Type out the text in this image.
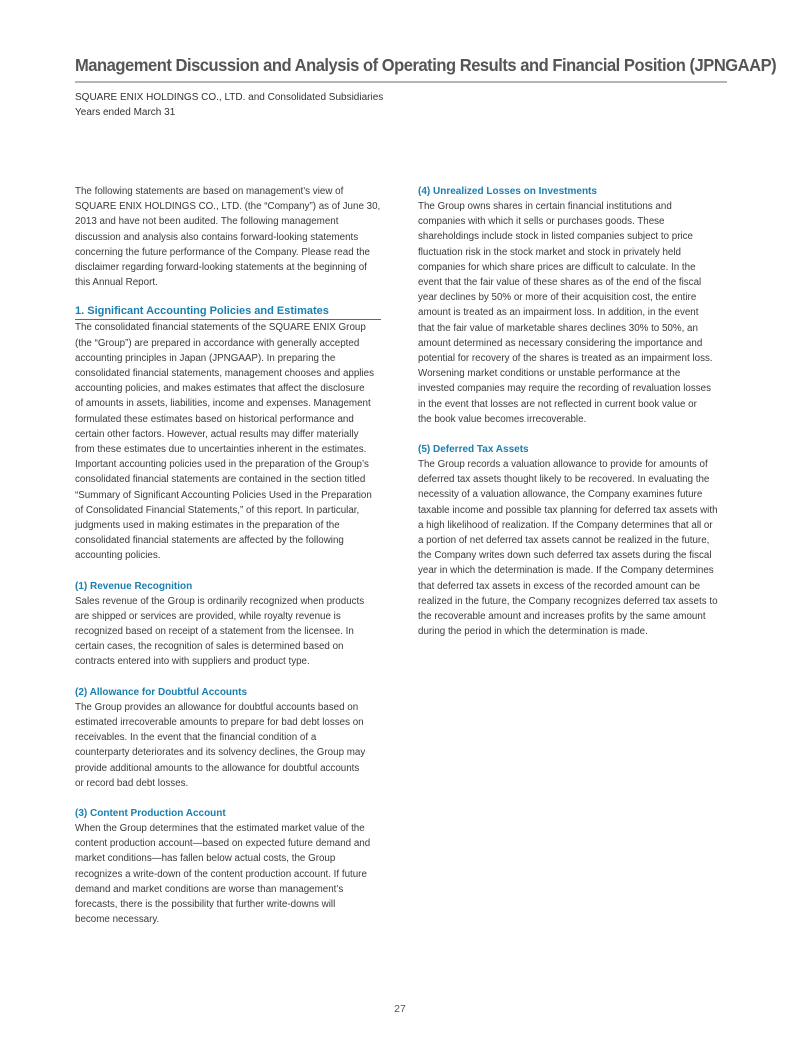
Management Discussion and Analysis of Operating Results and Financial Position (JPNGAAP)
SQUARE ENIX HOLDINGS CO., LTD. and Consolidated Subsidiaries
Years ended March 31

The following statements are based on management’s view of
SQUARE ENIX HOLDINGS CO., LTD. (the “Company”) as of June 30,
2013 and have not been audited. The following management
discussion and analysis also contains forward-looking statements
concerning the future performance of the Company. Please read the
disclaimer regarding forward-looking statements at the beginning of
this Annual Report.

1. Significant Accounting Policies and Estimates

The consolidated financial statements of the SQUARE ENIX Group
(the “Group”) are prepared in accordance with generally accepted
accounting principles in Japan (JPNGAAP). In preparing the
consolidated financial statements, management chooses and applies
accounting policies, and makes estimates that affect the disclosure
of amounts in assets, liabilities, income and expenses. Management
formulated these estimates based on historical performance and
certain other factors. However, actual results may differ materially
from these estimates due to uncertainties inherent in the estimates.
Important accounting policies used in the preparation of the Group’s
consolidated financial statements are contained in the section titled
“Summary of Significant Accounting Policies Used in the Preparation
of Consolidated Financial Statements,” of this report. In particular,
judgments used in making estimates in the preparation of the
consolidated financial statements are affected by the following
accounting policies.

(1) Revenue Recognition

Sales revenue of the Group is ordinarily recognized when products
are shipped or services are provided, while royalty revenue is
recognized based on receipt of a statement from the licensee. In
certain cases, the recognition of sales is determined based on
contracts entered into with suppliers and product type.

(2) Allowance for Doubtful Accounts

The Group provides an allowance for doubtful accounts based on
estimated irrecoverable amounts to prepare for bad debt losses on
receivables. In the event that the financial condition of a
counterparty deteriorates and its solvency declines, the Group may
provide additional amounts to the allowance for doubtful accounts
or record bad debt losses.

(3) Content Production Account

When the Group determines that the estimated market value of the
content production account—based on expected future demand and
market conditions—has fallen below actual costs, the Group
recognizes a write-down of the content production account. If future
demand and market conditions are worse than management’s
forecasts, there is the possibility that further write-downs will
become necessary.

(4) Unrealized Losses on Investments

The Group owns shares in certain financial institutions and
companies with which it sells or purchases goods. These
shareholdings include stock in listed companies subject to price
fluctuation risk in the stock market and stock in privately held
companies for which share prices are difficult to calculate. In the
event that the fair value of these shares as of the end of the fiscal
year declines by 50% or more of their acquisition cost, the entire
amount is treated as an impairment loss. In addition, in the event
that the fair value of marketable shares declines 30% to 50%, an
amount determined as necessary considering the importance and
potential for recovery of the shares is treated as an impairment loss.
Worsening market conditions or unstable performance at the
invested companies may require the recording of revaluation losses
in the event that losses are not reflected in current book value or
the book value becomes irrecoverable.

(5) Deferred Tax Assets

The Group records a valuation allowance to provide for amounts of
deferred tax assets thought likely to be recovered. In evaluating the
necessity of a valuation allowance, the Company examines future
taxable income and possible tax planning for deferred tax assets with
a high likelihood of realization. If the Company determines that all or
a portion of net deferred tax assets cannot be realized in the future,
the Company writes down such deferred tax assets during the fiscal
year in which the determination is made. If the Company determines
that deferred tax assets in excess of the recorded amount can be
realized in the future, the Company recognizes deferred tax assets to
the recoverable amount and increases profits by the same amount
during the period in which the determination is made.

27
